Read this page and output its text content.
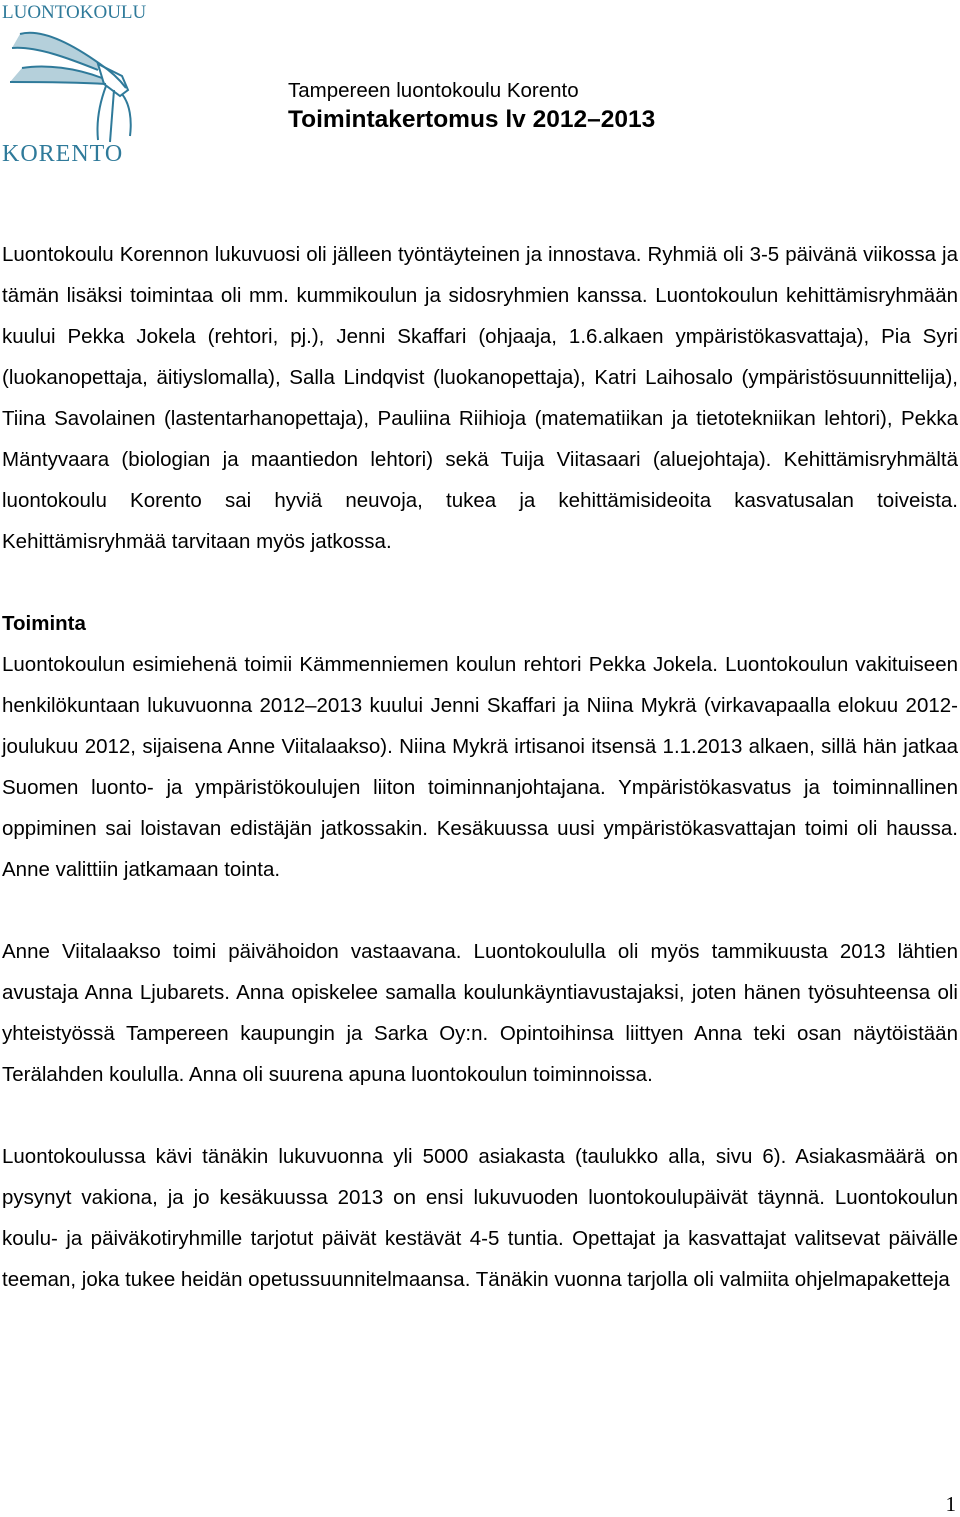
LUONTOKOULU
KORENTO
Tampereen luontokoulu Korento
Toimintakertomus lv 2012–2013

Luontokoulu Korennon lukuvuosi oli jälleen työntäyteinen ja innostava. Ryhmiä oli 3-5 päivänä viikossa ja tämän lisäksi toimintaa oli mm. kummikoulun ja sidosryhmien kanssa. Luontokoulun kehittämisryhmään kuului Pekka Jokela (rehtori, pj.), Jenni Skaffari (ohjaaja, 1.6.alkaen ympäristökasvattaja), Pia Syri (luokanopettaja, äitiyslomalla), Salla Lindqvist (luokanopettaja), Katri Laihosalo (ympäristösuunnittelija), Tiina Savolainen (lastentarhanopettaja), Pauliina Riihioja (matematiikan ja tietotekniikan lehtori), Pekka Mäntyvaara (biologian ja maantiedon lehtori) sekä Tuija Viitasaari (aluejohtaja). Kehittämisryhmältä luontokoulu Korento sai hyviä neuvoja, tukea ja kehittämisideoita kasvatusalan toiveista. Kehittämisryhmää tarvitaan myös jatkossa.

Toiminta

Luontokoulun esimiehenä toimii Kämmenniemen koulun rehtori Pekka Jokela. Luontokoulun vakituiseen henkilökuntaan lukuvuonna 2012–2013 kuului Jenni Skaffari ja Niina Mykrä (virkavapaalla elokuu 2012-joulukuu 2012, sijaisena Anne Viitalaakso). Niina Mykrä irtisanoi itsensä 1.1.2013 alkaen, sillä hän jatkaa Suomen luonto- ja ympäristökoulujen liiton toiminnanjohtajana. Ympäristökasvatus ja toiminnallinen oppiminen sai loistavan edistäjän jatkossakin. Kesäkuussa uusi ympäristökasvattajan toimi oli haussa. Anne valittiin jatkamaan tointa.

Anne Viitalaakso toimi päivähoidon vastaavana. Luontokoululla oli myös tammikuusta 2013 lähtien avustaja Anna Ljubarets. Anna opiskelee samalla koulunkäyntiavustajaksi, joten hänen työsuhteensa oli yhteistyössä Tampereen kaupungin ja Sarka Oy:n. Opintoihinsa liittyen Anna teki osan näytöistään Terälahden koululla. Anna oli suurena apuna luontokoulun toiminnoissa.

Luontokoulussa kävi tänäkin lukuvuonna yli 5000 asiakasta (taulukko alla, sivu 6). Asiakasmäärä on pysynyt vakiona, ja jo kesäkuussa 2013 on ensi lukuvuoden luontokoulupäivät täynnä. Luontokoulun koulu- ja päiväkotiryhmille tarjotut päivät kestävät 4-5 tuntia. Opettajat ja kasvattajat valitsevat päivälle teeman, joka tukee heidän opetussuunnitelmaansa. Tänäkin vuonna tarjolla oli valmiita ohjelmapaketteja

1
